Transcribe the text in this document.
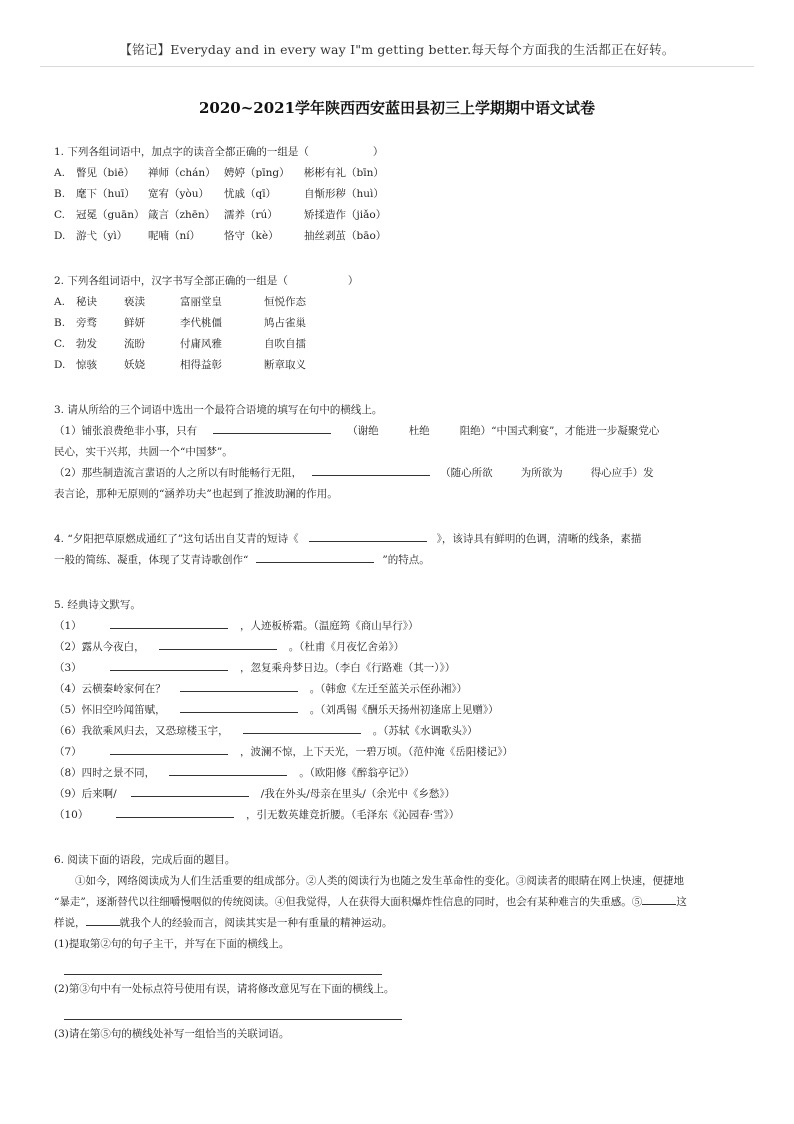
【铭记】Everyday and in every way I"m getting better.每天每个方面我的生活都正在好转。
2020~2021学年陕西西安蓝田县初三上学期期中语文试卷
1. 下列各组词语中，加点字的读音全都正确的一组是（	）
A. 瞥见（biē） 禅师（chán） 娉婷（pīng） 彬彬有礼（bīn）
B. 麾下（huī） 宽宥（yòu） 忧戚（qī）	自惭形秽（huì）
C. 冠冕（guān） 箴言（zhēn） 濡养（rú） 矫揉造作（jiǎo）
D. 游弋（yì） 呢喃（ní） 恪守（kè） 抽丝剥茧（bāo）
2. 下列各组词语中，汉字书写全部正确的一组是（	）
A. 秘诀	亵渎	富丽堂皇	恒悦作态
B. 旁骛	鲜妍	李代桃僵	鸠占雀巢
C. 勃发	流盼	付庸风雅	自吹自擂
D. 惊骇	妖娆	相得益彰	断章取义
3. 请从所给的三个词语中选出一个最符合语境的填写在句中的横线上。
（1）铺张浪费绝非小事，只有	（谢绝	杜绝	阻绝）“中国式剩宴”，才能进一步凝聚党心
民心，实干兴邦，共圆一个“中国梦”。
（2）那些制造流言蜚语的人之所以有时能畅行无阻，	（随心所欲	为所欲为	得心应手）发
表言论，那种无原则的“涵养功夫”也起到了推波助澜的作用。
4. “夕阳把草原燃成通红了”这句话出自艾青的短诗《	》，该诗具有鲜明的色调，清晰的线条，素描
一般的简练、凝重，体现了艾青诗歌创作“	”的特点。
5. 经典诗文默写。
（1）	，人迹板桥霜。（温庭筠《商山早行》）
（2）露从今夜白，	。（杜甫《月夜忆舍弟》）
（3）	，忽复乘舟梦日边。（李白《行路难（其一）》）
（4）云横秦岭家何在？	。（韩愈《左迁至蓝关示侄孙湘》）
（5）怀旧空吟闻笛赋，	。（刘禹锡《酬乐天扬州初逢席上见赠》）
（6）我欲乘风归去，又恐琼楼玉宇，	。（苏轼《水调歌头》）
（7）	，波澜不惊，上下天光，一碧万顷。（范仲淹《岳阳楼记》）
（8）四时之景不同，	。（欧阳修《醉翁亭记》）
（9）后来啊/	/我在外头/母亲在里头/（余光中《乡愁》）
（10）	，引无数英雄竞折腰。（毛泽东《沁园春·雪》）
6. 阅读下面的语段，完成后面的题目。
①如今，网络阅读成为人们生活重要的组成部分。②人类的阅读行为也随之发生革命性的变化。③阅读者的眼睛在网上快速，便捷地
“暴走”，逐渐替代以往细嚼慢咽似的传统阅读。④但我觉得，人在获得大面积爆炸性信息的同时，也会有某种难言的失重感。⑤	这
样说，	就我个人的经验而言，阅读其实是一种有重量的精神运动。
(1)提取第②句的句子主干，并写在下面的横线上。
(2)第③句中有一处标点符号使用有误，请将修改意见写在下面的横线上。
(3)请在第⑤句的横线处补写一组恰当的关联词语。
